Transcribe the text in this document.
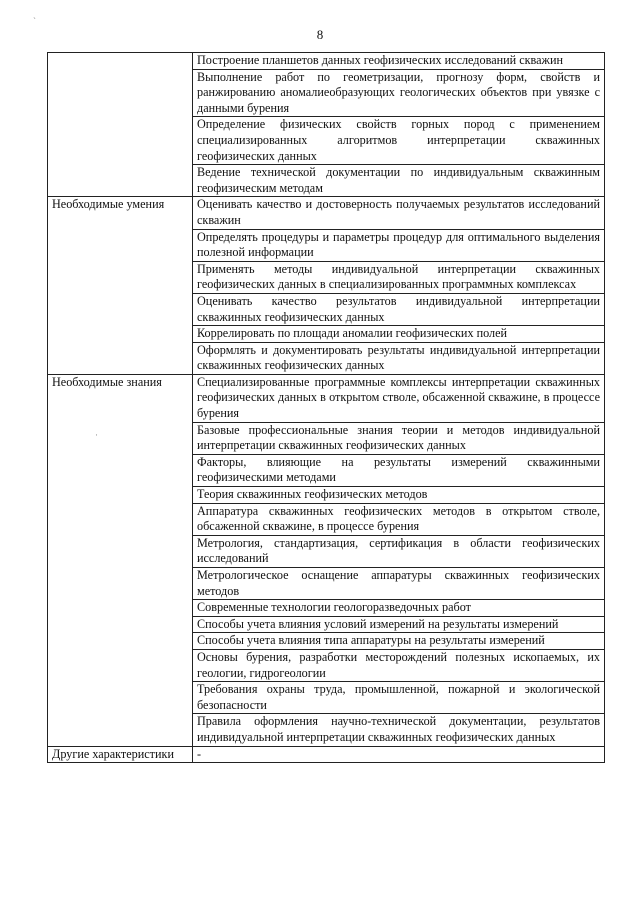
`
·
8
	Построение планшетов данных геофизических исследований скважин
	Выполнение работ по геометризации, прогнозу форм, свойств и ранжированию аномалиеобразующих геологических объектов при увязке с данными бурения
	Определение физических свойств горных пород с применением специализированных алгоритмов интерпретации скважинных геофизических данных
	Ведение технической документации по индивидуальным скважинным геофизическим методам
Необходимые умения	Оценивать качество и достоверность получаемых результатов исследований скважин
	Определять процедуры и параметры процедур для оптимального выделения полезной информации
	Применять методы индивидуальной интерпретации скважинных геофизических данных в специализированных программных комплексах
	Оценивать качество результатов индивидуальной интерпретации скважинных геофизических данных
	Коррелировать по площади аномалии геофизических полей
	Оформлять и документировать результаты индивидуальной интерпретации скважинных геофизических данных
Необходимые знания	Специализированные программные комплексы интерпретации скважинных геофизических данных в открытом стволе, обсаженной скважине, в процессе бурения
	Базовые профессиональные знания теории и методов индивидуальной интерпретации скважинных геофизических данных
	Факторы, влияющие на результаты измерений скважинными геофизическими методами
	Теория скважинных геофизических методов
	Аппаратура скважинных геофизических методов в открытом стволе, обсаженной скважине, в процессе бурения
	Метрология, стандартизация, сертификация в области геофизических исследований
	Метрологическое оснащение аппаратуры скважинных геофизических методов
	Современные технологии геологоразведочных работ
	Способы учета влияния условий измерений на результаты измерений
	Способы учета влияния типа аппаратуры на результаты измерений
	Основы бурения, разработки месторождений полезных ископаемых, их геологии, гидрогеологии
	Требования охраны труда, промышленной, пожарной и экологической безопасности
	Правила оформления научно-технической документации, результатов индивидуальной интерпретации скважинных геофизических данных
Другие характеристики	-
